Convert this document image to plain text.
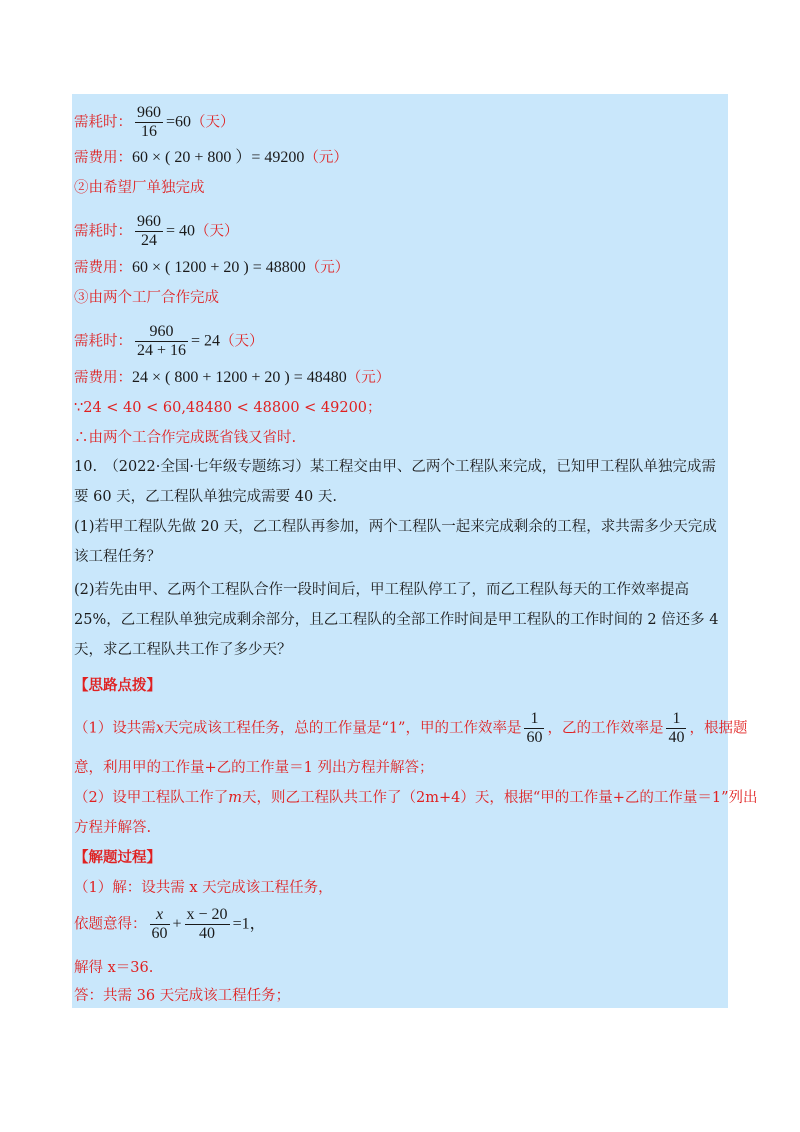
需耗时： $\frac{960}{16} =60$（天）
需费用：60 × ( 20 + 800 ）= 49200（元）
②由希望厂单独完成
需耗时： $\frac{960}{24} = 40$（天）
需费用：60 × ( 1200 + 20 ) = 48800（元）
③由两个工厂合作完成
需耗时： $\frac{960}{24 + 16} = 24$（天）
需费用：24 × ( 800 + 1200 + 20 ) = 48480（元）
∵24 < 40 < 60,48480 < 48800 < 49200；
∴由两个工合作完成既省钱又省时.
10.　（2022·全国·七年级专题练习）某工程交由甲、乙两个工程队来完成，已知甲工程队单独完成需要 60 天，乙工程队单独完成需要 40 天.
(1)若甲工程队先做 20 天，乙工程队再参加，两个工程队一起来完成剩余的工程，求共需多少天完成该工程任务？
(2)若先由甲、乙两个工程队合作一段时间后，甲工程队停工了，而乙工程队每天的工作效率提高 25%，乙工程队单独完成剩余部分，且乙工程队的全部工作时间是甲工程队的工作时间的 2 倍还多 4 天，求乙工程队共工作了多少天？
【思路点拨】
（1）设共需x天完成该工程任务，总的工作量是“1”，甲的工作效率是 $\frac{1}{60}$ ，乙的工作效率是 $\frac{1}{40}$ ，根据题
意，利用甲的工作量+乙的工作量＝1 列出方程并解答；
（2）设甲工程队工作了m天，则乙工程队共工作了（2m+4）天，根据“甲的工作量+乙的工作量＝1”列出
方程并解答.
【解题过程】
（1）解：设共需 x 天完成该工程任务，
依题意得： $\frac{x}{60} + \frac{x - 20}{40} =1$，
解得 x＝36.
答：共需 36 天完成该工程任务；
